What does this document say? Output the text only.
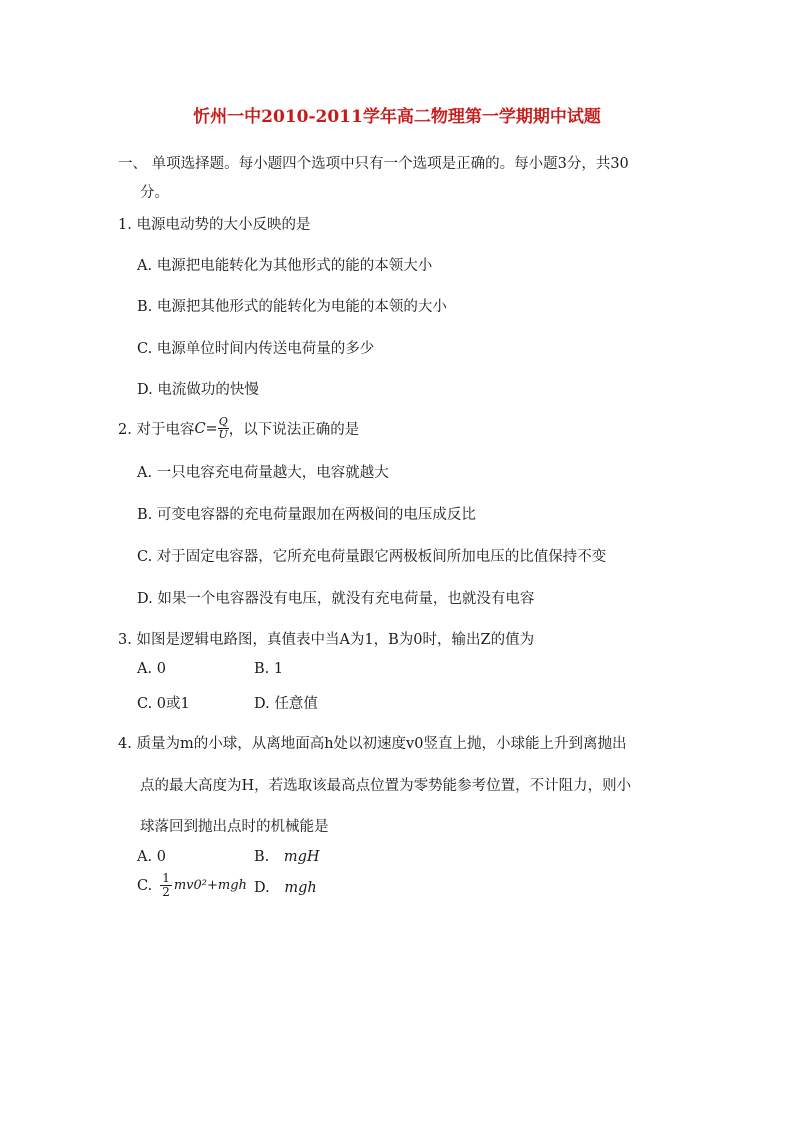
忻州一中2010-2011学年高二物理第一学期期中试题
一、 单项选择题。每小题四个选项中只有一个选项是正确的。每小题3分，共30
分。
1. 电源电动势的大小反映的是
A. 电源把电能转化为其他形式的能的本领大小
B. 电源把其他形式的能转化为电能的本领的大小
C. 电源单位时间内传送电荷量的多少
D. 电流做功的快慢
2. 对于电容 $C= \frac{Q}{U}$ ，以下说法正确的是
A. 一只电容充电荷量越大，电容就越大
B. 可变电容器的充电荷量跟加在两极间的电压成反比
C. 对于固定电容器，它所充电荷量跟它两极板间所加电压的比值保持不变
D. 如果一个电容器没有电压，就没有充电荷量，也就没有电容
3. 如图是逻辑电路图，真值表中当A为1，B为0时，输出Z的值为
A. 0	B. 1
C. 0或1	D. 任意值
4. 质量为m的小球，从离地面高h处以初速度v0竖直上抛，小球能上升到离抛出
点的最大高度为H，若选取该最高点位置为零势能参考位置，不计阻力，则小
球落回到抛出点时的机械能是
A. 0	B. mgH
C. $\frac{1}{2} mv0^2+mgh$ D. mgh
